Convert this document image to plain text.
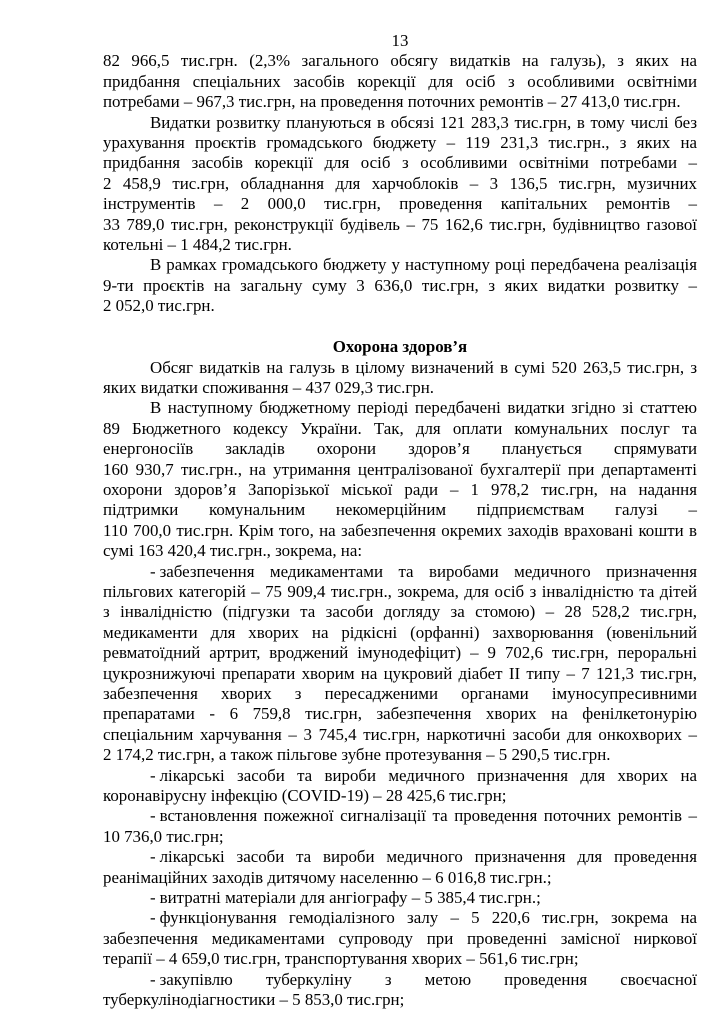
13
82 966,5 тис.грн. (2,3% загального обсягу видатків на галузь), з яких на
придбання спеціальних засобів корекції для осіб з особливими освітніми
потребами – 967,3 тис.грн, на проведення поточних ремонтів – 27 413,0 тис.грн.
Видатки розвитку плануються в обсязі 121 283,3 тис.грн, в тому числі без
урахування проєктів громадського бюджету – 119 231,3 тис.грн., з яких на
придбання засобів корекції для осіб з особливими освітніми потребами –
2 458,9 тис.грн, обладнання для харчоблоків – 3 136,5 тис.грн, музичних
інструментів – 2 000,0 тис.грн, проведення капітальних ремонтів –
33 789,0 тис.грн, реконструкції будівель – 75 162,6 тис.грн, будівництво газової
котельні – 1 484,2 тис.грн.
В рамках громадського бюджету у наступному році передбачена реалізація
9-ти проєктів на загальну суму 3 636,0 тис.грн, з яких видатки розвитку –
2 052,0 тис.грн.
Охорона здоров’я
Обсяг видатків на галузь в цілому визначений в сумі 520 263,5 тис.грн, з
яких видатки споживання – 437 029,3 тис.грн.
В наступному бюджетному періоді передбачені видатки згідно зі статтею
89 Бюджетного кодексу України. Так, для оплати комунальних послуг та
енергоносіїв закладів охорони здоров’я планується спрямувати
160 930,7 тис.грн., на утримання централізованої бухгалтерії при департаменті
охорони здоров’я Запорізької міської ради – 1 978,2 тис.грн, на надання
підтримки комунальним некомерційним підприємствам галузі –
110 700,0 тис.грн. Крім того, на забезпечення окремих заходів враховані кошти в
сумі 163 420,4 тис.грн., зокрема, на:
- забезпечення медикаментами та виробами медичного призначення
пільгових категорій – 75 909,4 тис.грн., зокрема, для осіб з інвалідністю та дітей
з інвалідністю (підгузки та засоби догляду за стомою) – 28 528,2 тис.грн,
медикаменти для хворих на рідкісні (орфанні) захворювання (ювенільний
ревматоїдний артрит, вроджений імунодефіцит) – 9 702,6 тис.грн, пероральні
цукрознижуючі препарати хворим на цукровий діабет ІІ типу – 7 121,3 тис.грн,
забезпечення хворих з пересадженими органами імуносупресивними
препаратами - 6 759,8 тис.грн, забезпечення хворих на фенілкетонурію
спеціальним харчування – 3 745,4 тис.грн, наркотичні засоби для онкохворих –
2 174,2 тис.грн, а також пільгове зубне протезування – 5 290,5 тис.грн.
- лікарські засоби та вироби медичного призначення для хворих на
коронавірусну інфекцію (COVID-19) – 28 425,6 тис.грн;
- встановлення пожежної сигналізації та проведення поточних ремонтів –
10 736,0 тис.грн;
- лікарські засоби та вироби медичного призначення для проведення
реанімаційних заходів дитячому населенню – 6 016,8 тис.грн.;
- витратні матеріали для ангіографу – 5 385,4 тис.грн.;
- функціонування гемодіалізного залу – 5 220,6 тис.грн, зокрема на
забезпечення медикаментами супроводу при проведенні замісної ниркової
терапії – 4 659,0 тис.грн, транспортування хворих – 561,6 тис.грн;
- закупівлю туберкуліну з метою проведення своєчасної
туберкулінодіагностики – 5 853,0 тис.грн;
